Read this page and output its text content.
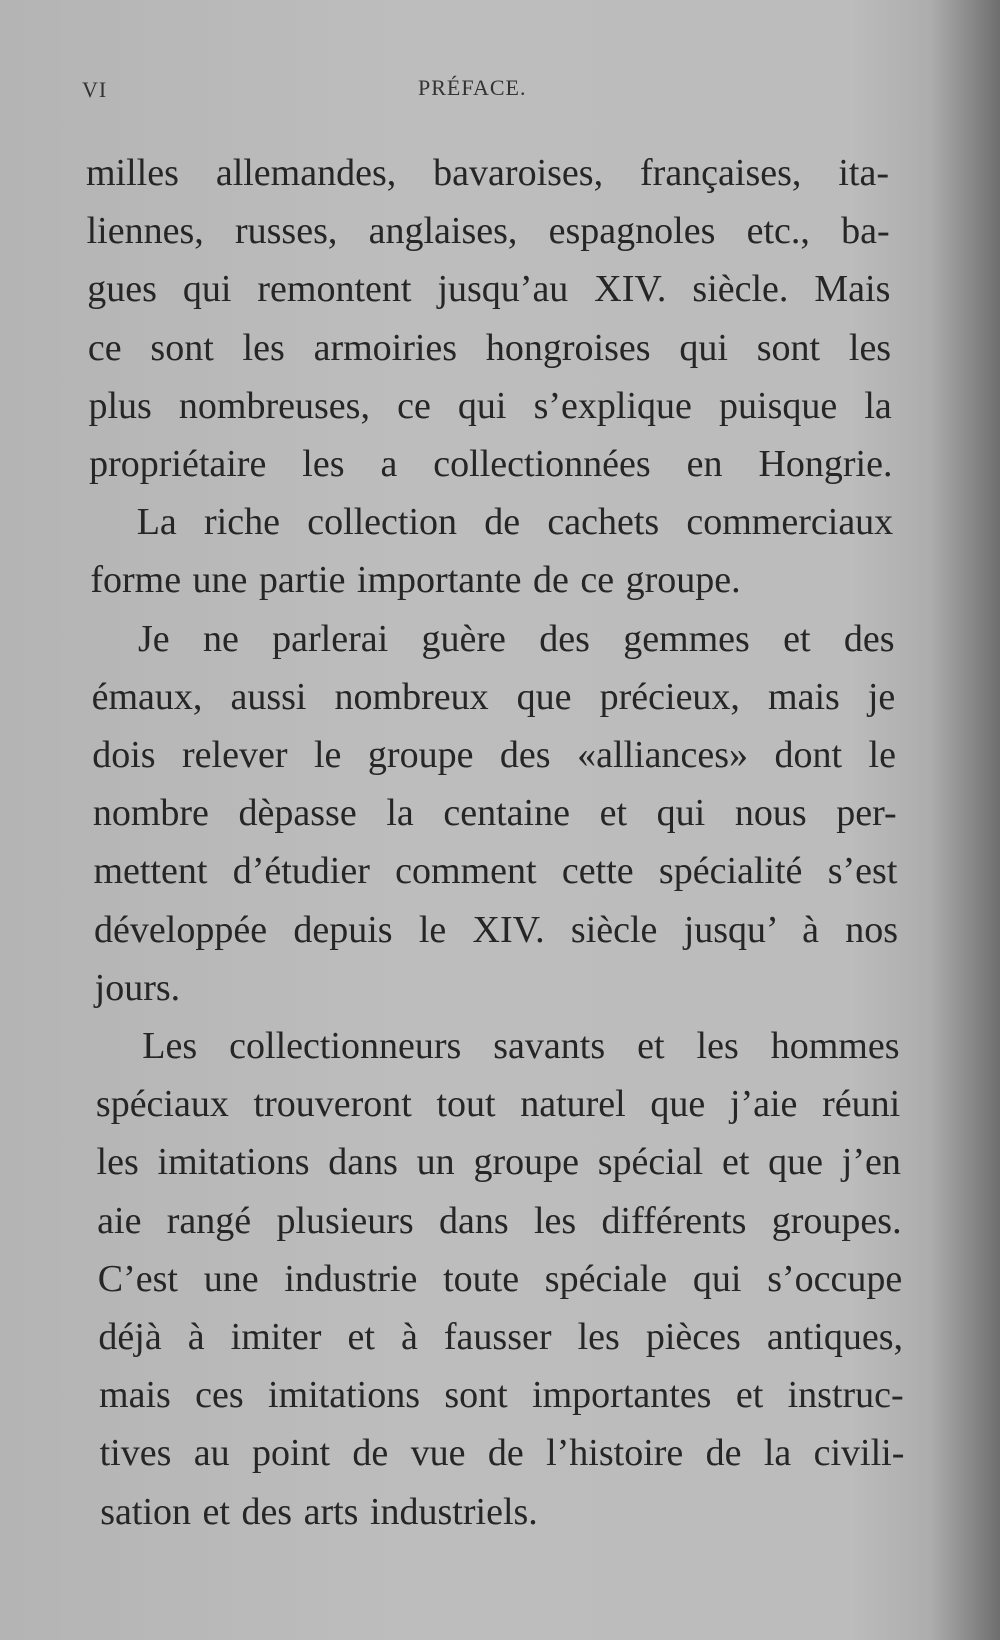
VI	PRÉFACE.
milles allemandes, bavaroises, françaises, ita-
liennes, russes, anglaises, espagnoles etc., ba-
gues qui remontent jusqu’au XIV. siècle. Mais
ce sont les armoiries hongroises qui sont les
plus nombreuses, ce qui s’explique puisque la
propriétaire les a collectionnées en Hongrie.
La riche collection de cachets commerciaux
forme une partie importante de ce groupe.
Je ne parlerai guère des gemmes et des
émaux, aussi nombreux que précieux, mais je
dois relever le groupe des «alliances» dont le
nombre dèpasse la centaine et qui nous per-
mettent d’étudier comment cette spécialité s’est
développée depuis le XIV. siècle jusqu’ à nos
jours.
Les collectionneurs savants et les hommes
spéciaux trouveront tout naturel que j’aie réuni
les imitations dans un groupe spécial et que j’en
aie rangé plusieurs dans les différents groupes.
C’est une industrie toute spéciale qui s’occupe
déjà à imiter et à fausser les pièces antiques,
mais ces imitations sont importantes et instruc-
tives au point de vue de l’histoire de la civili-
sation et des arts industriels.
